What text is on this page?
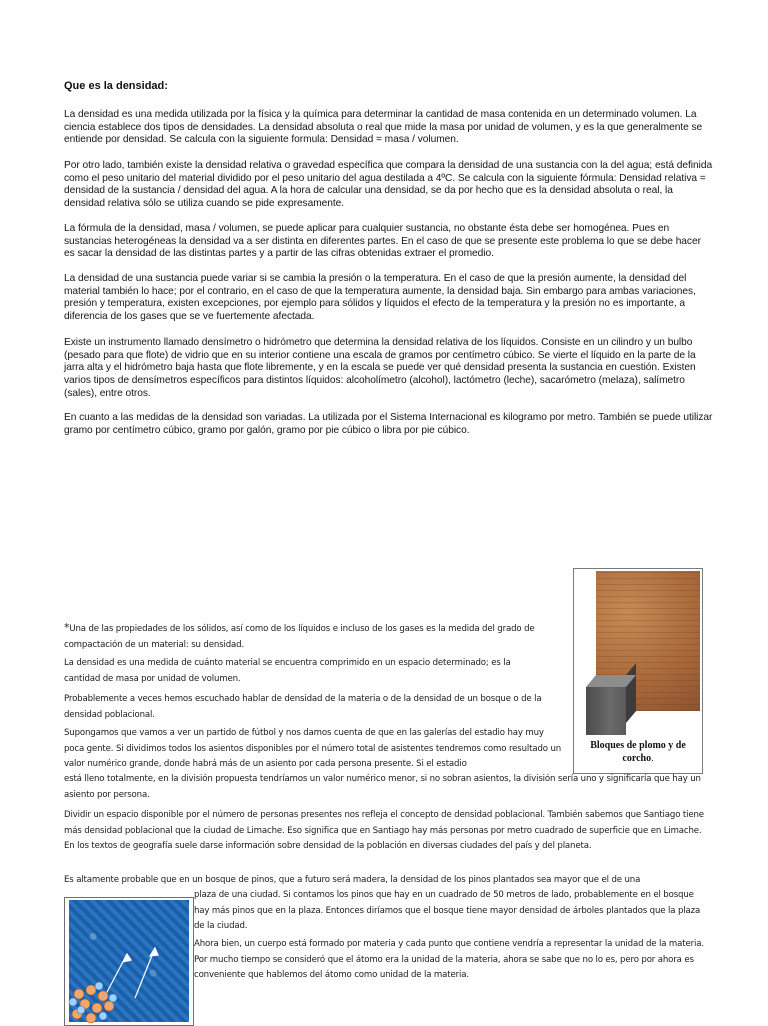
Que es la densidad:

La densidad es una medida utilizada por la física y la química para determinar la cantidad de masa contenida en un determinado volumen. La ciencia establece dos tipos de densidades. La densidad absoluta o real que mide la masa por unidad de volumen, y es la que generalmente se entiende por densidad. Se calcula con la siguiente formula: Densidad = masa / volumen.

Por otro lado, también existe la densidad relativa o gravedad específica que compara la densidad de una sustancia con la del agua; está definida como el peso unitario del material dividido por el peso unitario del agua destilada a 4ºC. Se calcula con la siguiente fórmula: Densidad relativa = densidad de la sustancia / densidad del agua. A la hora de calcular una densidad, se da por hecho que es la densidad absoluta o real, la densidad relativa sólo se utiliza cuando se pide expresamente.

La fórmula de la densidad, masa / volumen, se puede aplicar para cualquier sustancia, no obstante ésta debe ser homogénea. Pues en sustancias heterogéneas la densidad va a ser distinta en diferentes partes. En el caso de que se presente este problema lo que se debe hacer es sacar la densidad de las distintas partes y a partir de las cifras obtenidas extraer el promedio.

La densidad de una sustancia puede variar si se cambia la presión o la temperatura. En el caso de que la presión aumente, la densidad del material también lo hace; por el contrario, en el caso de que la temperatura aumente, la densidad baja. Sin embargo para ambas variaciones, presión y temperatura, existen excepciones, por ejemplo para sólidos y líquidos el efecto de la temperatura y la presión no es importante, a diferencia de los gases que se ve fuertemente afectada.

Existe un instrumento llamado densímetro o hidrómetro que determina la densidad relativa de los líquidos. Consiste en un cilindro y un bulbo (pesado para que flote) de vidrio que en su interior contiene una escala de gramos por centímetro cúbico. Se vierte el líquido en la parte de la jarra alta y el hidrómetro baja hasta que flote libremente, y en la escala se puede ver qué densidad presenta la sustancia en cuestión. Existen varios tipos de densímetros específicos para distintos líquidos: alcoholímetro (alcohol), lactómetro (leche), sacarómetro (melaza), salímetro (sales), entre otros.

En cuanto a las medidas de la densidad son variadas. La utilizada por el Sistema Internacional es kilogramo por metro. También se puede utilizar gramo por centímetro cúbico, gramo por galón, gramo por pie cúbico o libra por pie cúbico.

Bloques de plomo y de
corcho.

*Una de las propiedades de los sólidos, así como de los líquidos e incluso de los gases es la medida del grado de compactación de un material: su densidad.

La densidad es una medida de cuánto material se encuentra comprimido en un espacio determinado; es la cantidad de masa por unidad de volumen.

Probablemente a veces hemos escuchado hablar de densidad de la materia o de la densidad de un bosque o de la densidad poblacional.

Supongamos que vamos a ver un partido de fútbol y nos damos cuenta de que en las galerías del estadio hay muy poca gente. Si dividimos todos los asientos disponibles por el número total de asistentes tendremos como resultado un valor numérico grande, donde habrá más de un asiento por cada persona presente. Si el estadio

está lleno totalmente, en la división propuesta tendríamos un valor numérico menor, si no sobran asientos, la división sería uno y significaría que hay un asiento por persona.

Dividir un espacio disponible por el número de personas presentes nos refleja el concepto de densidad poblacional. También sabemos que Santiago tiene más densidad poblacional que la ciudad de Limache. Eso significa que en Santiago hay más personas por metro cuadrado de superficie que en Limache. En los textos de geografía suele darse información sobre densidad de la población en diversas ciudades del país y del planeta.

Es altamente probable que en un bosque de pinos, que a futuro será madera, la densidad de los pinos plantados sea mayor que el de una

plaza de una ciudad. Si contamos los pinos que hay en un cuadrado de 50 metros de lado, probablemente en el bosque hay más pinos que en la plaza. Entonces diríamos que el bosque tiene mayor densidad de árboles plantados que la plaza de la ciudad.

Ahora bien, un cuerpo está formado por materia y cada punto que contiene vendría a representar la unidad de la materia. Por mucho tiempo se consideró que el átomo era la unidad de la materia, ahora se sabe que no lo es, pero por ahora es conveniente que hablemos del átomo como unidad de la materia.
